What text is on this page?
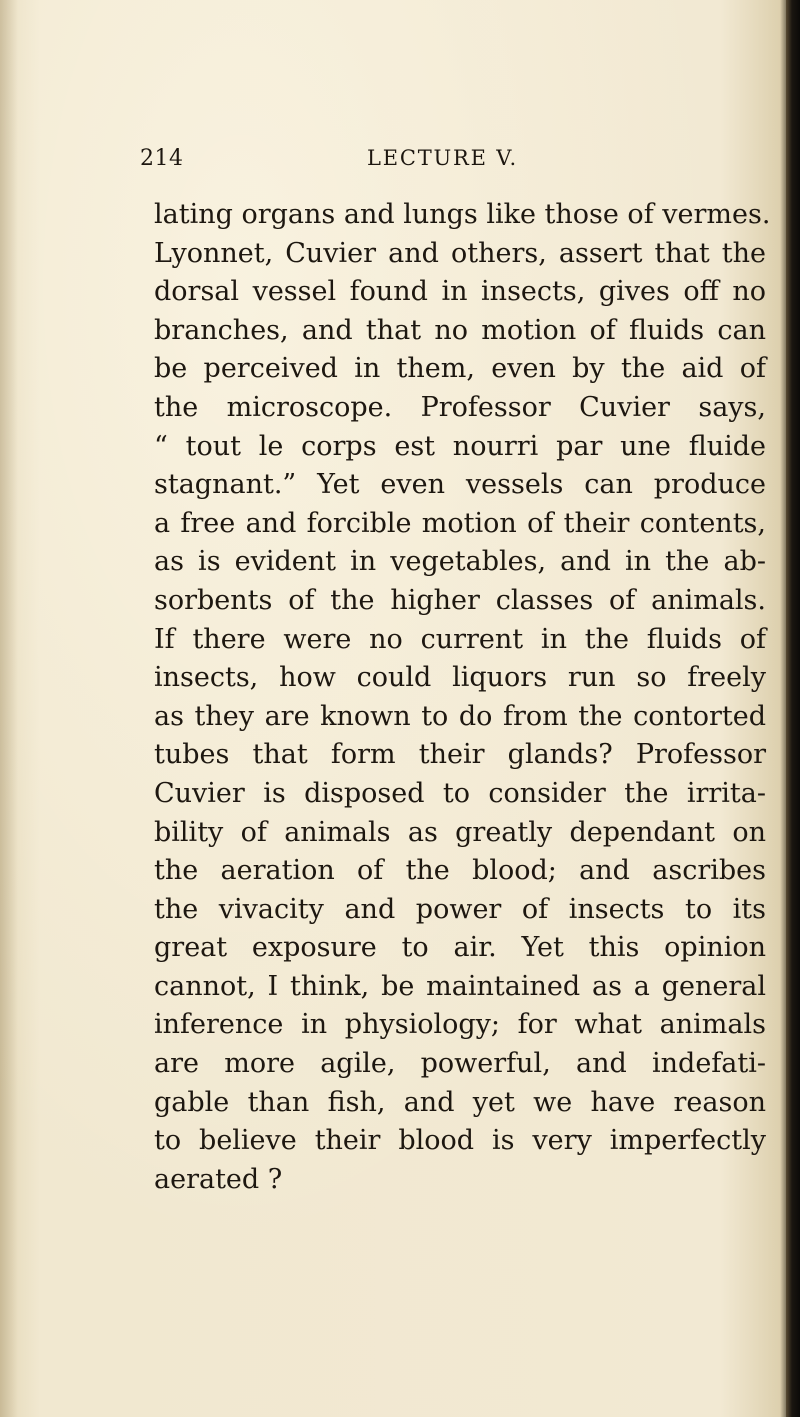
214	LECTURE V.
lating organs and lungs like those of vermes.
Lyonnet, Cuvier and others, assert that the
dorsal vessel found in insects, gives off no
branches, and that no motion of fluids can
be perceived in them, even by the aid of
the microscope. Professor Cuvier says,
“ tout le corps est nourri par une fluide
stagnant.” Yet even vessels can produce
a free and forcible motion of their contents,
as is evident in vegetables, and in the ab-
sorbents of the higher classes of animals.
If there were no current in the fluids of
insects, how could liquors run so freely
as they are known to do from the contorted
tubes that form their glands? Professor
Cuvier is disposed to consider the irrita-
bility of animals as greatly dependant on
the aeration of the blood; and ascribes
the vivacity and power of insects to its
great exposure to air. Yet this opinion
cannot, I think, be maintained as a general
inference in physiology; for what animals
are more agile, powerful, and indefati-
gable than fish, and yet we have reason
to believe their blood is very imperfectly
aerated ?
